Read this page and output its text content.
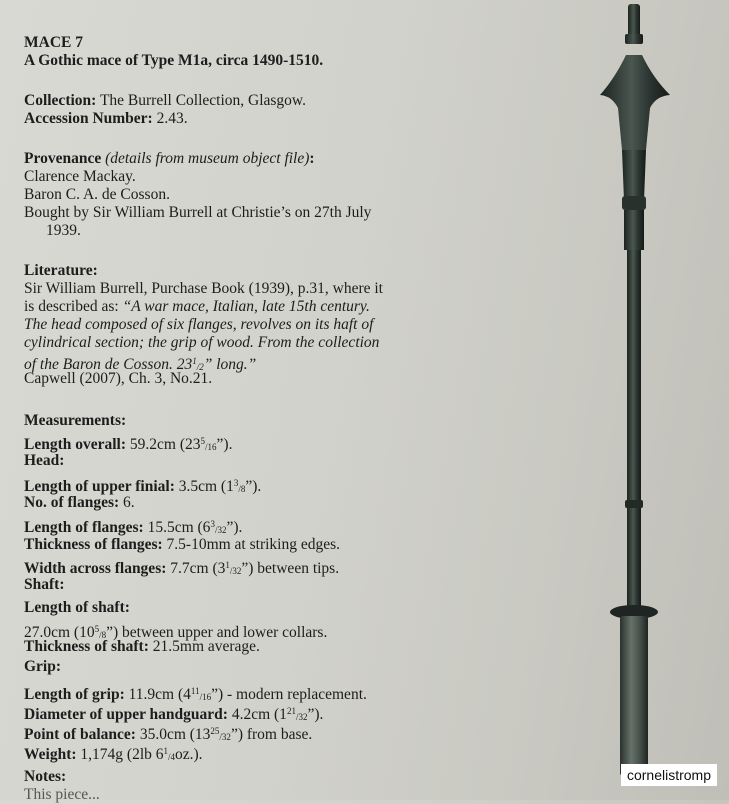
MACE 7
A Gothic mace of Type M1a, circa 1490-1510.
Collection: The Burrell Collection, Glasgow.
Accession Number: 2.43.
Provenance (details from museum object file):
Clarence Mackay.
Baron C. A. de Cosson.
Bought by Sir William Burrell at Christie’s on 27th July
1939.
Literature:
Sir William Burrell, Purchase Book (1939), p.31, where it
is described as: “A war mace, Italian, late 15th century.
The head composed of six flanges, revolves on its haft of
cylindrical section; the grip of wood. From the collection
of the Baron de Cosson. $23^1/2$” long.”
Capwell (2007), Ch. 3, No.21.
Measurements:
Length overall: 59.2cm $(23^5/16”)$.
Head:
Length of upper finial: 3.5cm $(1^3/8”)$.
No. of flanges: 6.
Length of flanges: 15.5cm $(6^3/32”)$.
Thickness of flanges: 7.5-10mm at striking edges.
Width across flanges: 7.7cm $(3^1/32”)$ between tips.
Shaft:
Length of shaft:
27.0cm $(10^5/8”)$ between upper and lower collars.
Thickness of shaft: 21.5mm average.
Grip:
Length of grip: 11.9cm $(4^{11}/16”)$ - modern replacement.
Diameter of upper handguard: 4.2cm $(1^{21}/32”)$.
Point of balance: 35.0cm $(13^{25}/32”)$ from base.
Weight: 1,174g (2lb $6^1/4oz$.).
Notes:
This piece...
cornelistromp
